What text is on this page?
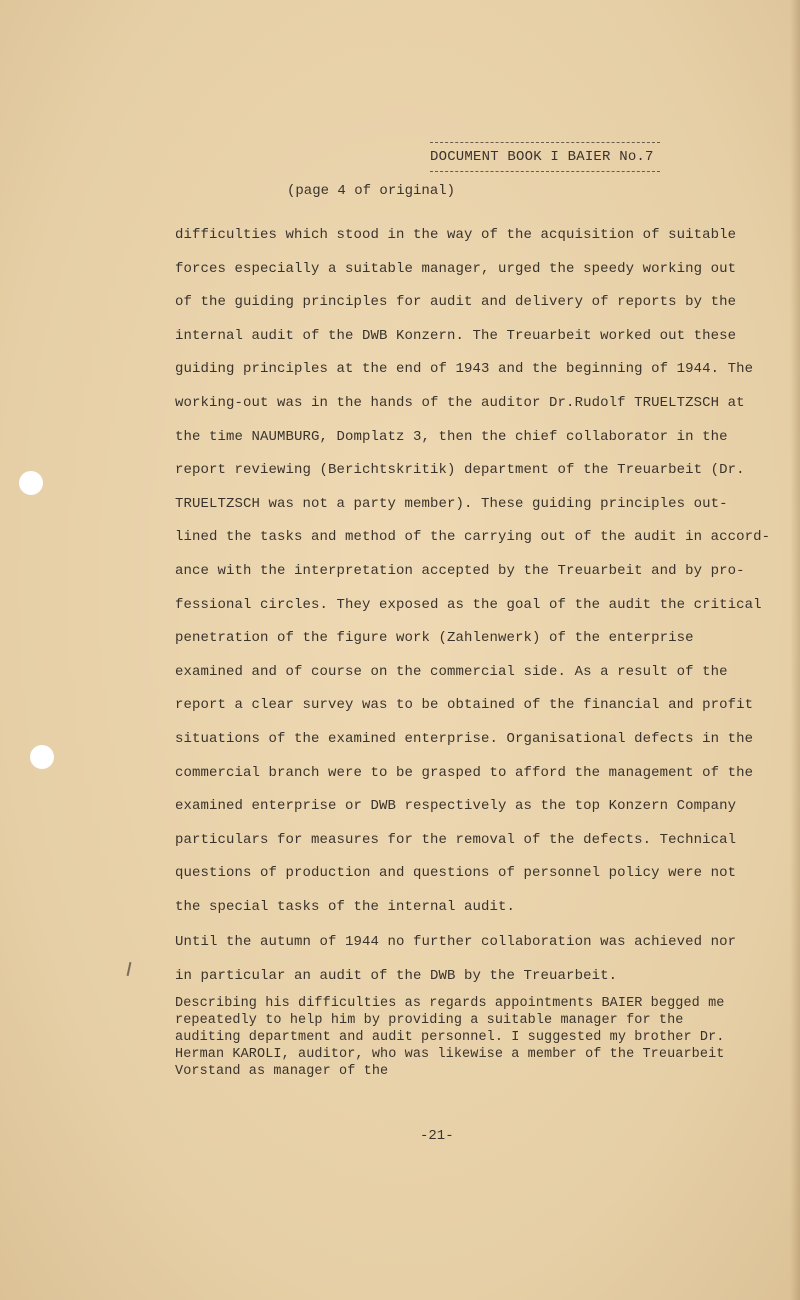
DOCUMENT BOOK I BAIER No.7
(page 4 of original)
difficulties which stood in the way of the acquisition of suitable
forces especially a suitable manager, urged the speedy working out
of the guiding principles for audit and delivery of reports by the
internal audit of the DWB Konzern. The Treuarbeit worked out these
guiding principles at the end of 1943 and the beginning of 1944. The
working-out was in the hands of the auditor Dr.Rudolf TRUELTZSCH at
the time NAUMBURG, Domplatz 3, then the chief collaborator in the
report reviewing (Berichtskritik) department of the Treuarbeit (Dr.
TRUELTZSCH was not a party member). These guiding principles out-
lined the tasks and method of the carrying out of the audit in accord-
ance with the interpretation accepted by the Treuarbeit and by pro-
fessional circles. They exposed as the goal of the audit the critical
penetration of the figure work (Zahlenwerk) of the enterprise
examined and of course on the commercial side. As a result of the
report a clear survey was to be obtained of the financial and profit
situations of the examined enterprise. Organisational defects in the
commercial branch were to be grasped to afford the management of the
examined enterprise or DWB respectively as the top Konzern Company
particulars for measures for the removal of the defects. Technical
questions of production and questions of personnel policy were not
the special tasks of the internal audit.
Until the autumn of 1944 no further collaboration was achieved nor
in particular an audit of the DWB by the Treuarbeit.
Describing his difficulties as regards appointments BAIER begged me
repeatedly to help him by providing a suitable manager for the
auditing department and audit personnel. I suggested my brother Dr.
Herman KAROLI, auditor, who was likewise a member of the Treuarbeit
Vorstand as manager of the
-21-
